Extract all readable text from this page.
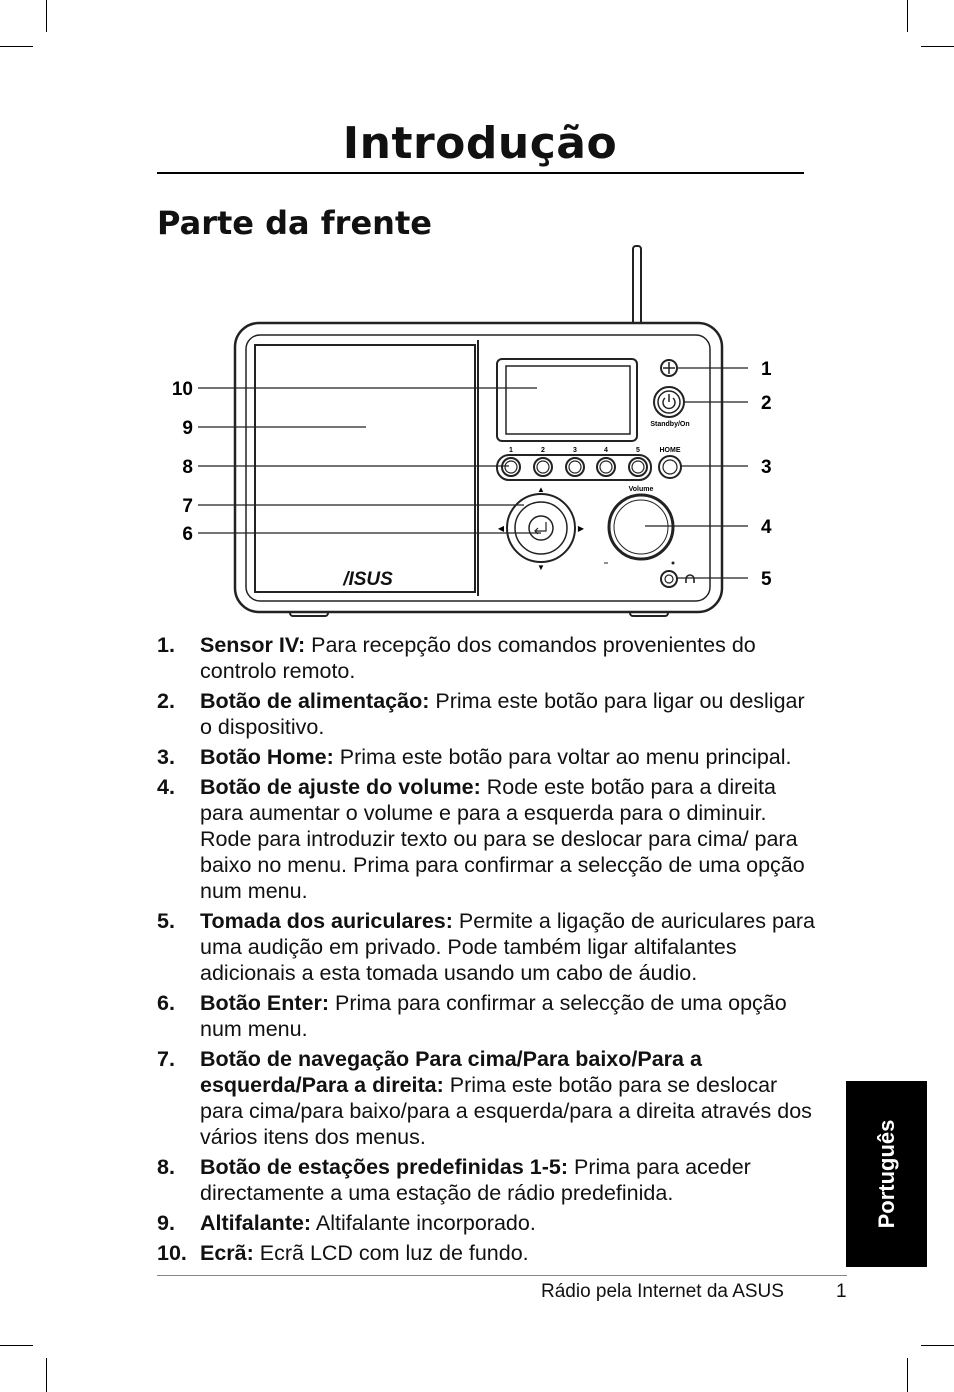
Introdução
Parte da frente
/ISUS
Standby/On
1	2	3	4	5	HOME
▲
▼
◀	▶
Volume
10
9
8
7
6
1
2
3
4
5
1. Sensor IV: Para recepção dos comandos provenientes do controlo remoto.
2. Botão de alimentação: Prima este botão para ligar ou desligar o dispositivo.
3. Botão Home: Prima este botão para voltar ao menu principal.
4. Botão de ajuste do volume: Rode este botão para a direita para aumentar o volume e para a esquerda para o diminuir. Rode para introduzir texto ou para se deslocar para cima/ para baixo no menu. Prima para confirmar a selecção de uma opção num menu.
5. Tomada dos auriculares: Permite a ligação de auriculares para uma audição em privado. Pode também ligar altifalantes adicionais a esta tomada usando um cabo de áudio.
6. Botão Enter: Prima para confirmar a selecção de uma opção num menu.
7. Botão de navegação Para cima/Para baixo/Para a esquerda/Para a direita: Prima este botão para se deslocar para cima/para baixo/para a esquerda/para a direita através dos vários itens dos menus.
8. Botão de estações predefinidas 1-5: Prima para aceder directamente a uma estação de rádio predefinida.
9. Altifalante: Altifalante incorporado.
10. Ecrã: Ecrã LCD com luz de fundo.
Rádio pela Internet da ASUS	1
Português
